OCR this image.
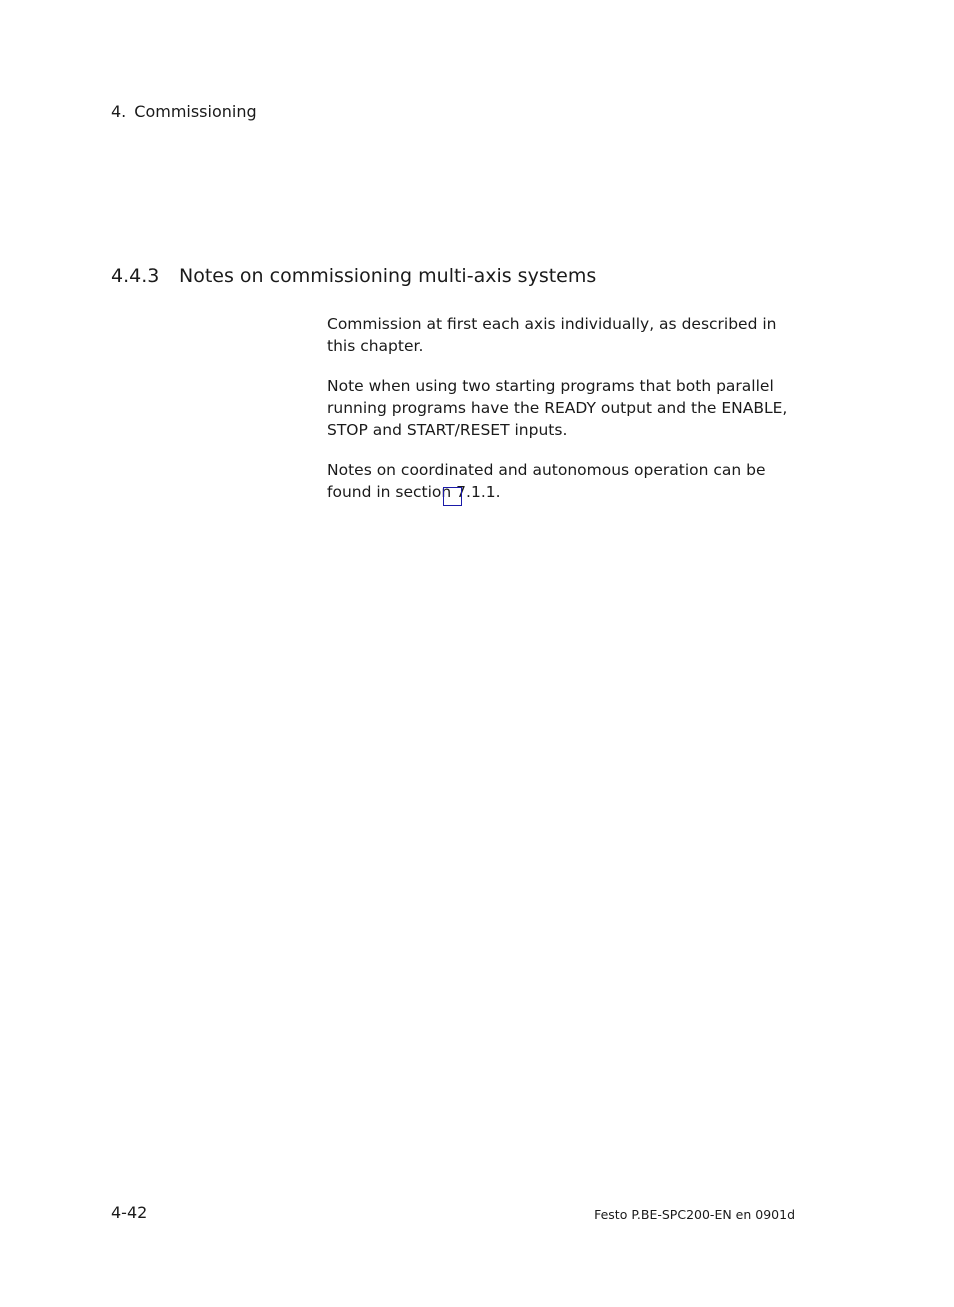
4. Commissioning
4.4.3 Notes on commissioning multi-axis systems

Commission at first each axis individually, as described in this chapter.

Note when using two starting programs that both parallel running programs have the READY output and the ENABLE, STOP and START/RESET inputs.

Notes on coordinated and autonomous operation can be found in section 7.1.1.

4-42	Festo P.BE-SPC200-EN en 0901d
